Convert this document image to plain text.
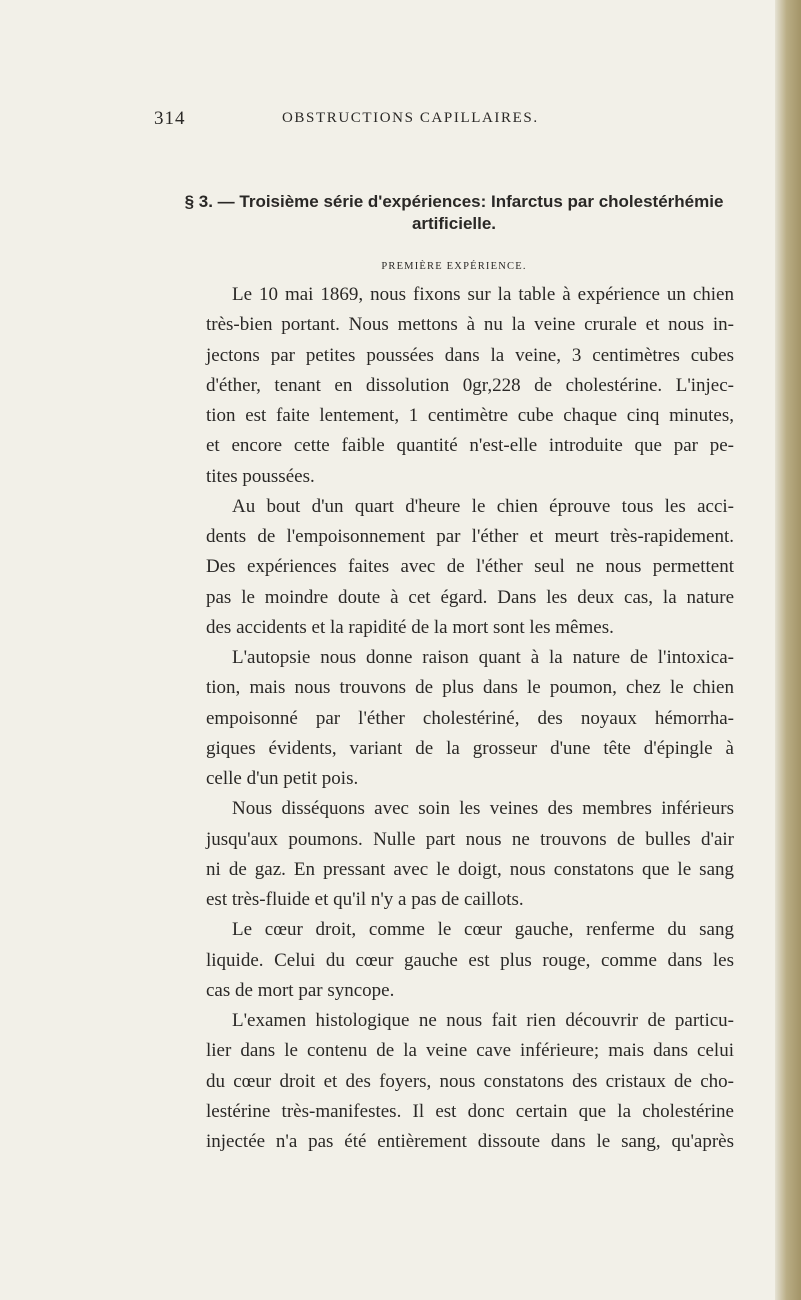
314	OBSTRUCTIONS CAPILLAIRES.
§ 3. — Troisième série d'expériences: Infarctus par cholestérhémie
artificielle.
PREMIÈRE EXPÉRIENCE.
Le 10 mai 1869, nous fixons sur la table à expérience un chien
très-bien portant. Nous mettons à nu la veine crurale et nous in-
jectons par petites poussées dans la veine, 3 centimètres cubes
d'éther, tenant en dissolution 0gr,228 de cholestérine. L'injec-
tion est faite lentement, 1 centimètre cube chaque cinq minutes,
et encore cette faible quantité n'est-elle introduite que par pe-
tites poussées.
Au bout d'un quart d'heure le chien éprouve tous les acci-
dents de l'empoisonnement par l'éther et meurt très-rapidement.
Des expériences faites avec de l'éther seul ne nous permettent
pas le moindre doute à cet égard. Dans les deux cas, la nature
des accidents et la rapidité de la mort sont les mêmes.
L'autopsie nous donne raison quant à la nature de l'intoxica-
tion, mais nous trouvons de plus dans le poumon, chez le chien
empoisonné par l'éther cholestériné, des noyaux hémorrha-
giques évidents, variant de la grosseur d'une tête d'épingle à
celle d'un petit pois.
Nous disséquons avec soin les veines des membres inférieurs
jusqu'aux poumons. Nulle part nous ne trouvons de bulles d'air
ni de gaz. En pressant avec le doigt, nous constatons que le sang
est très-fluide et qu'il n'y a pas de caillots.
Le cœur droit, comme le cœur gauche, renferme du sang
liquide. Celui du cœur gauche est plus rouge, comme dans les
cas de mort par syncope.
L'examen histologique ne nous fait rien découvrir de particu-
lier dans le contenu de la veine cave inférieure; mais dans celui
du cœur droit et des foyers, nous constatons des cristaux de cho-
lestérine très-manifestes. Il est donc certain que la cholestérine
injectée n'a pas été entièrement dissoute dans le sang, qu'après
